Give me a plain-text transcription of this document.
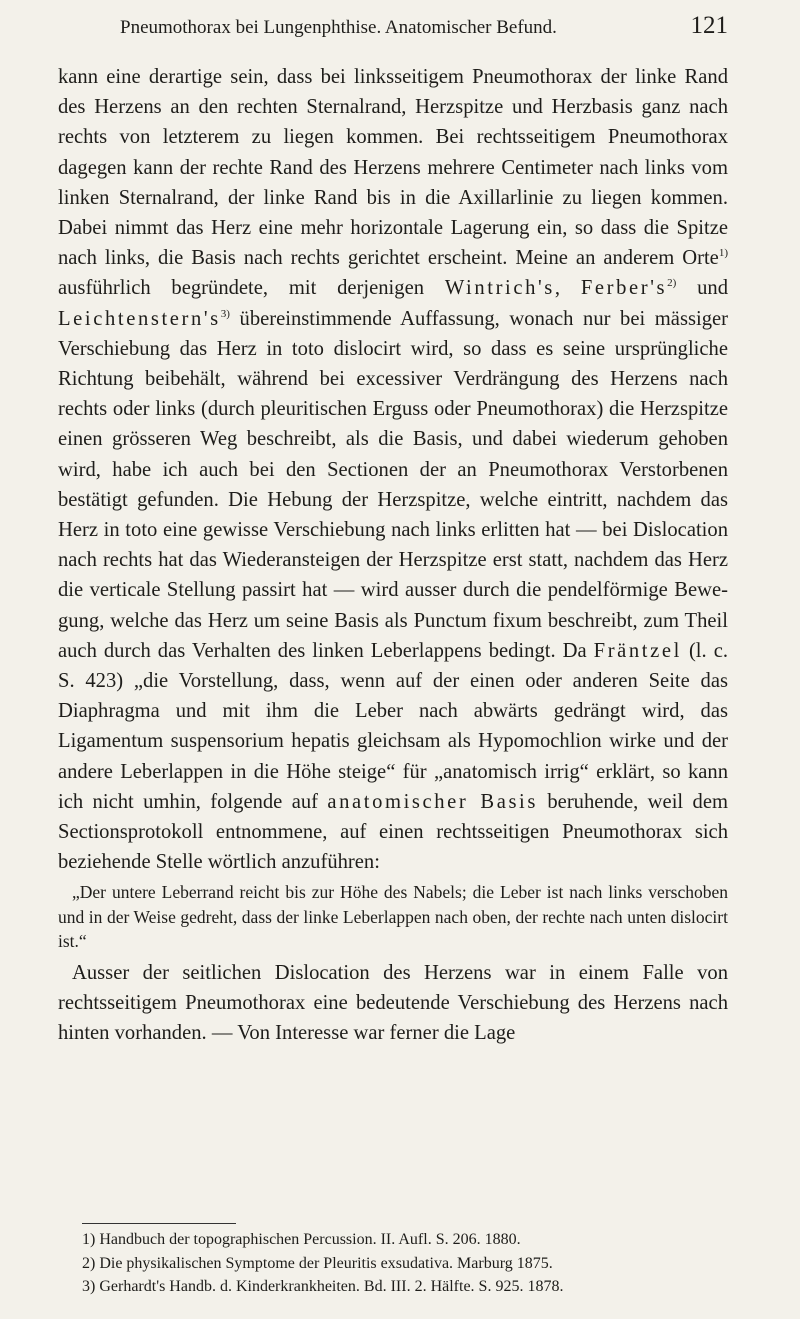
Pneumothorax bei Lungenphthise. Anatomischer Befund.	121

kann eine derartige sein, dass bei linksseitigem Pneumothorax der linke Rand des Herzens an den rechten Sternalrand, Herzspitze und Herzbasis ganz nach rechts von letzterem zu liegen kommen. Bei rechtsseitigem Pneumothorax dagegen kann der rechte Rand des Herzens mehrere Centimeter nach links vom linken Sternalrand, der linke Rand bis in die Axillarlinie zu liegen kommen. Dabei nimmt das Herz eine mehr horizontale Lagerung ein, so dass die Spitze nach links, die Basis nach rechts gerichtet erscheint. Meine an anderem Orte$^{1)}$ ausführlich begründete, mit derjenigen Wintrich's, $Ferber's^{2)}$ und $Leichtenstern's^{3)}$ übereinstimmende Auffassung, wonach nur bei mässiger Verschiebung das Herz in toto dislocirt wird, so dass es seine ursprüngliche Richtung beibehält, während bei excessiver Verdrängung des Herzens nach rechts oder links (durch pleuritischen Erguss oder Pneumothorax) die Herzspitze einen grösseren Weg beschreibt, als die Basis, und dabei wiederum gehoben wird, habe ich auch bei den Sectionen der an Pneumothorax Verstorbenen bestätigt gefunden. Die Hebung der Herzspitze, welche eintritt, nachdem das Herz in toto eine gewisse Verschiebung nach links erlitten hat — bei Dislocation nach rechts hat das Wiederansteigen der Herzspitze erst statt, nachdem das Herz die verticale Stellung passirt hat — wird ausser durch die pendelförmige Bewegung, welche das Herz um seine Basis als Punctum fixum beschreibt, zum Theil auch durch das Verhalten des linken Leberlappens bedingt. Da Fräntzel (l. c. S. 423) „die Vorstellung, dass, wenn auf der einen oder anderen Seite das Diaphragma und mit ihm die Leber nach abwärts gedrängt wird, das Ligamentum suspensorium hepatis gleichsam als Hypomochlion wirke und der andere Leberlappen in die Höhe steige“ für „anatomisch irrig“ erklärt, so kann ich nicht umhin, folgende auf anatomischer Basis beruhende, weil dem Sectionsprotokoll entnommene, auf einen rechtsseitigen Pneumothorax sich beziehende Stelle wörtlich anzuführen:

„Der untere Leberrand reicht bis zur Höhe des Nabels; die Leber ist nach links verschoben und in der Weise gedreht, dass der linke Leberlappen nach oben, der rechte nach unten dislocirt ist.“

Ausser der seitlichen Dislocation des Herzens war in einem Falle von rechtsseitigem Pneumothorax eine bedeutende Verschiebung des Herzens nach hinten vorhanden. — Von Interesse war ferner die Lage

1) Handbuch der topographischen Percussion. II. Aufl. S. 206. 1880.
2) Die physikalischen Symptome der Pleuritis exsudativa. Marburg 1875.
3) Gerhardt's Handb. d. Kinderkrankheiten. Bd. III. 2. Hälfte. S. 925. 1878.
